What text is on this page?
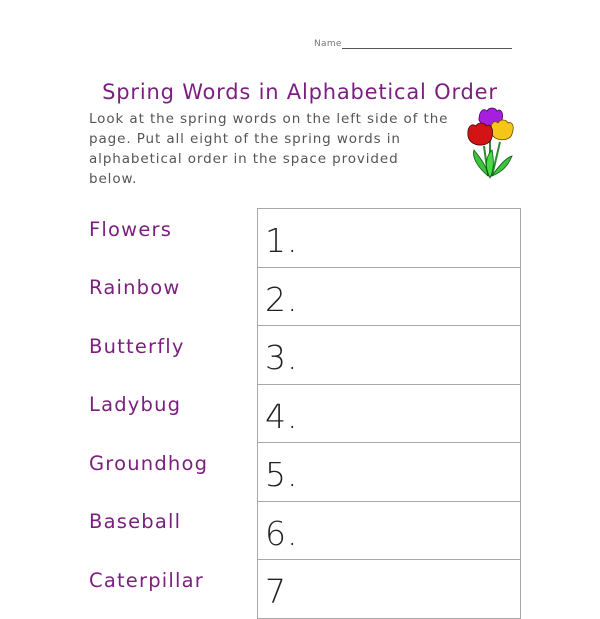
Name
Spring Words in Alphabetical Order

Look at the spring words on the left side of the page. Put all eight of the spring words in alphabetical order in the space provided below.

Flowers
Rainbow
Butterfly
Ladybug
Groundhog
Baseball
Caterpillar
1.
2.
3.
4.
5.
6.
7
